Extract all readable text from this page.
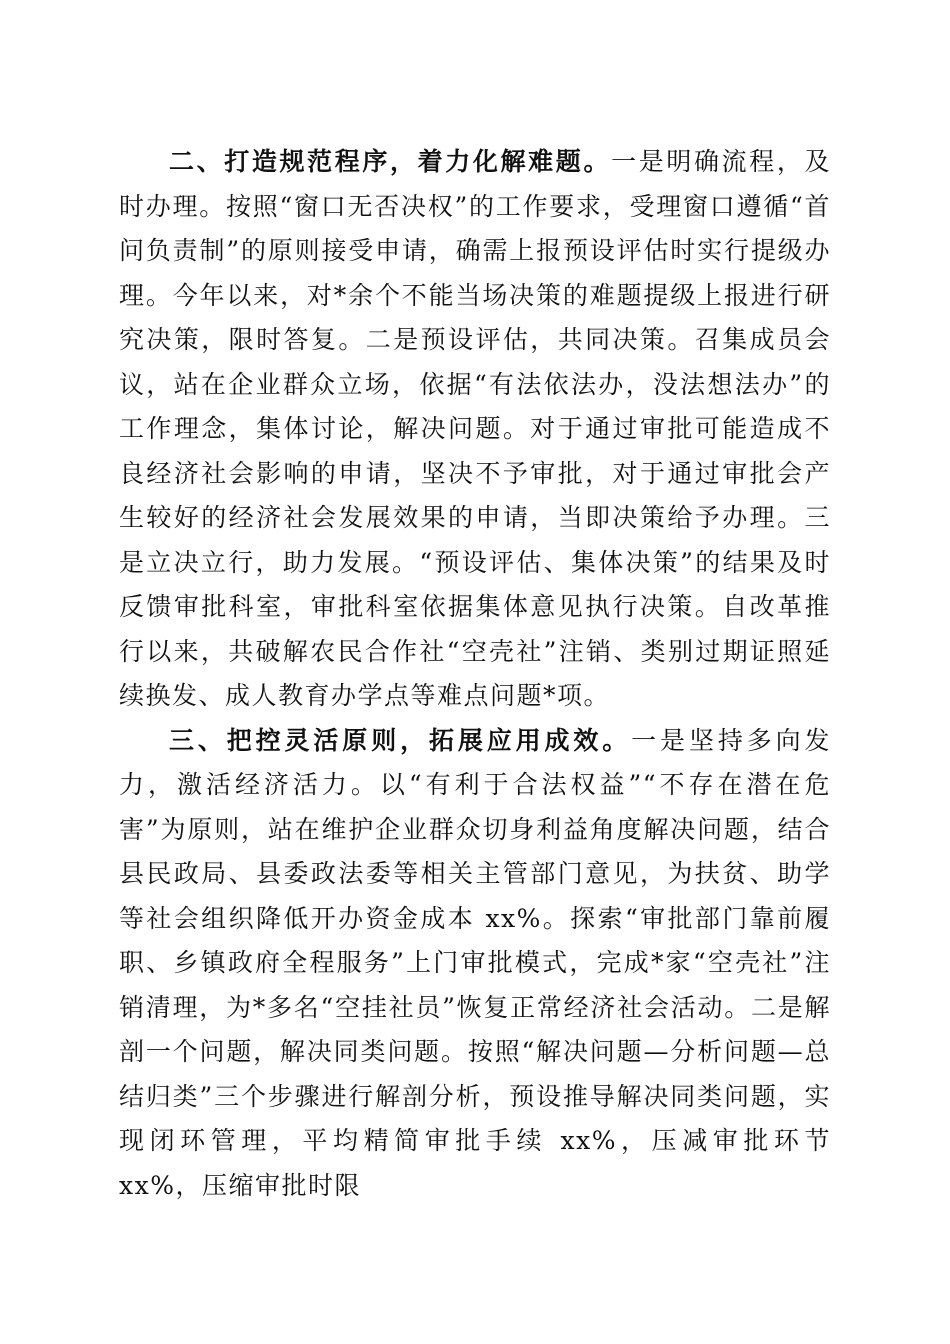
二、打造规范程序，着力化解难题。一是明确流程，及时办理。按照“窗口无否决权”的工作要求，受理窗口遵循“首问负责制”的原则接受申请，确需上报预设评估时实行提级办理。今年以来，对*余个不能当场决策的难题提级上报进行研究决策，限时答复。二是预设评估，共同决策。召集成员会议，站在企业群众立场，依据“有法依法办，没法想法办”的工作理念，集体讨论，解决问题。对于通过审批可能造成不良经济社会影响的申请，坚决不予审批，对于通过审批会产生较好的经济社会发展效果的申请，当即决策给予办理。三是立决立行，助力发展。“预设评估、集体决策”的结果及时反馈审批科室，审批科室依据集体意见执行决策。自改革推行以来，共破解农民合作社“空壳社”注销、类别过期证照延续换发、成人教育办学点等难点问题*项。

三、把控灵活原则，拓展应用成效。一是坚持多向发力，激活经济活力。以“有利于合法权益”“不存在潜在危害”为原则，站在维护企业群众切身利益角度解决问题，结合县民政局、县委政法委等相关主管部门意见，为扶贫、助学等社会组织降低开办资金成本 xx%。探索“审批部门靠前履职、乡镇政府全程服务”上门审批模式，完成*家“空壳社”注销清理，为*多名“空挂社员”恢复正常经济社会活动。二是解剖一个问题，解决同类问题。按照“解决问题—分析问题—总结归类”三个步骤进行解剖分析，预设推导解决同类问题，实现闭环管理，平均精简审批手续 xx%，压减审批环节 xx%，压缩审批时限
